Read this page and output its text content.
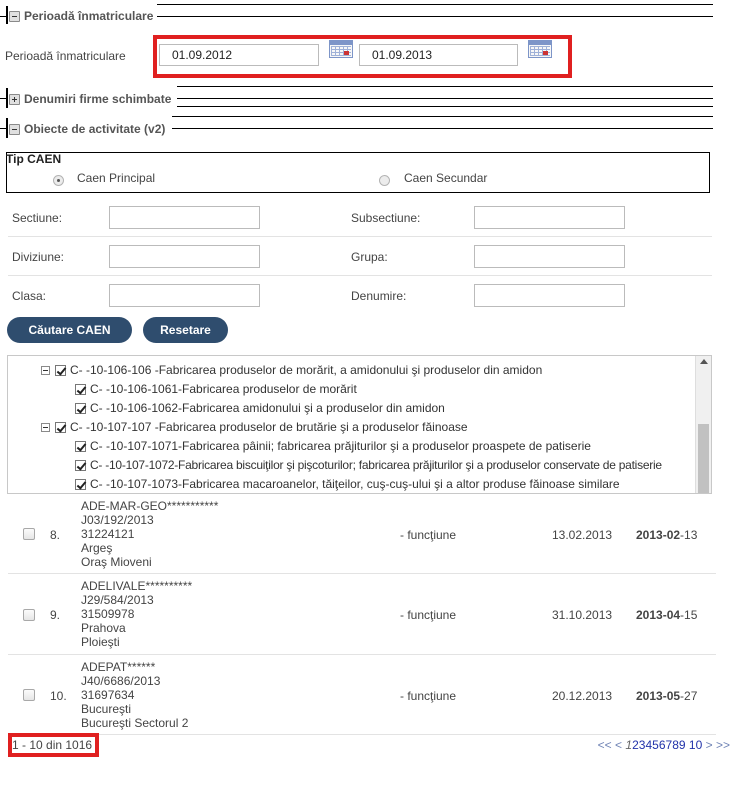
Perioadă înmatriculare
Perioadă înmatriculare	01.09.2012	01.09.2013
Denumiri firme schimbate
Obiecte de activitate (v2)
Tip CAEN
Caen Principal	Caen Secundar
Sectiune:	Subsectiune:
Diviziune:	Grupa:
Clasa:	Denumire:
Căutare CAEN	Resetare
C- -10-106-106 -Fabricarea produselor de morărit, a amidonului şi produselor din amidon
C- -10-106-1061-Fabricarea produselor de morărit
C- -10-106-1062-Fabricarea amidonului şi a produselor din amidon
C- -10-107-107 -Fabricarea produselor de brutărie şi a produselor făinoase
C- -10-107-1071-Fabricarea pâinii; fabricarea prăjiturilor şi a produselor proaspete de patiserie
C- -10-107-1072-Fabricarea biscuiţilor şi pişcoturilor; fabricarea prăjiturilor şi a produselor conservate de patiserie
C- -10-107-1073-Fabricarea macaroanelor, tăiţeilor, cuş-cuş-ului şi a altor produse făinoase similare
8.
ADE-MAR-GEO***********
J03/192/2013
31224121
Argeş
Oraş Mioveni
- funcţiune	13.02.2013 2013-02-13
9.
ADELIVALE**********
J29/584/2013
31509978
Prahova
Ploieşti
- funcţiune	31.10.2013 2013-04-15
10.
ADEPAT******
J40/6686/2013
31697634
Bucureşti
Bucureşti Sectorul 2
- funcţiune	20.12.2013 2013-05-27
1 - 10 din 1016	<< < 123456789 10 > >>
